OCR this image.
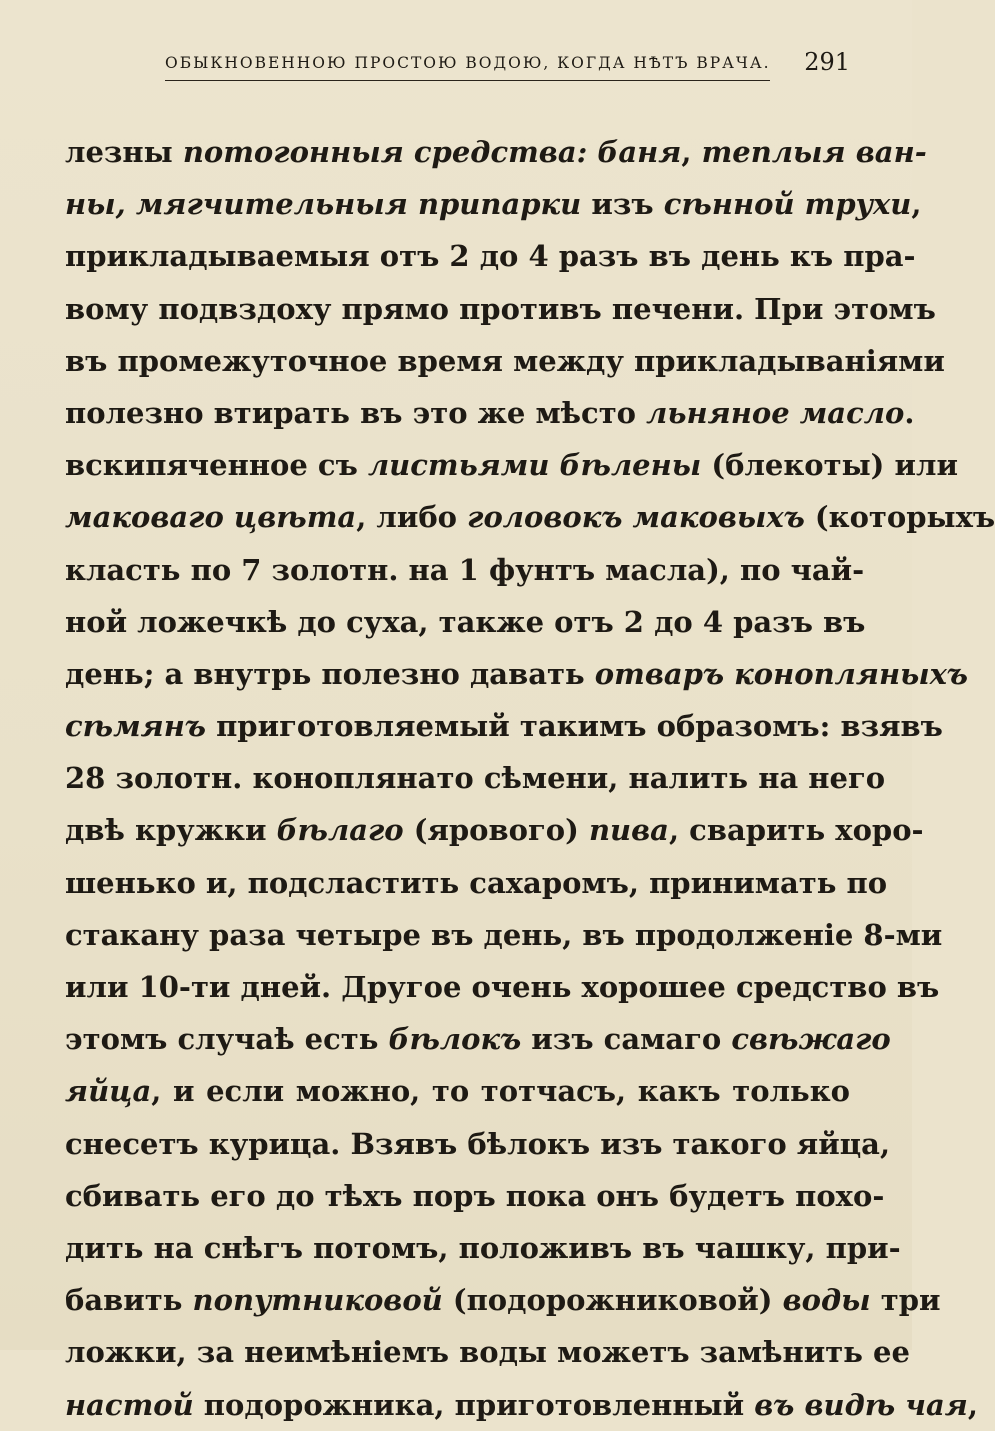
ОБЫКНОВЕННОЮ ПРОСТОЮ ВОДОЮ, КОГДА НѢТЪ ВРАЧА. 291
лезны потогонныя средства: баня, теплыя ван-
ны, мягчительныя припарки изъ сѣнной трухи,
прикладываемыя отъ 2 до 4 разъ въ день къ пра-
вому подвздоху прямо противъ печени. При этомъ
въ промежуточное время между прикладываніями
полезно втирать въ это же мѣсто льняное масло.
вскипяченное съ листьями бѣлены (блекоты) или
маковаго цвѣта, либо головокъ маковыхъ (которыхъ
класть по 7 золотн. на 1 фунтъ масла), по чай-
ной ложечкѣ до суха, также отъ 2 до 4 разъ въ
день; а внутрь полезно давать отваръ конопляныхъ
сѣмянъ приготовляемый такимъ образомъ: взявъ
28 золотн. коноплянато сѣмени, налить на него
двѣ кружки бѣлаго (ярового) пива, сварить хоро-
шенько и, подсластить сахаромъ, принимать по
стакану раза четыре въ день, въ продолженіе 8-ми
или 10-ти дней. Другое очень хорошее средство въ
этомъ случаѣ есть бѣлокъ изъ самаго свѣжаго
яйца, и если можно, то тотчасъ, какъ только
снесетъ курица. Взявъ бѣлокъ изъ такого яйца,
сбивать его до тѣхъ поръ пока онъ будетъ похо-
дить на снѣгъ потомъ, положивъ въ чашку, при-
бавить попутниковой (подорожниковой) воды три
ложки, за неимѣніемъ воды можетъ замѣнить ее
настой подорожника, приготовленный въ видѣ чая,
